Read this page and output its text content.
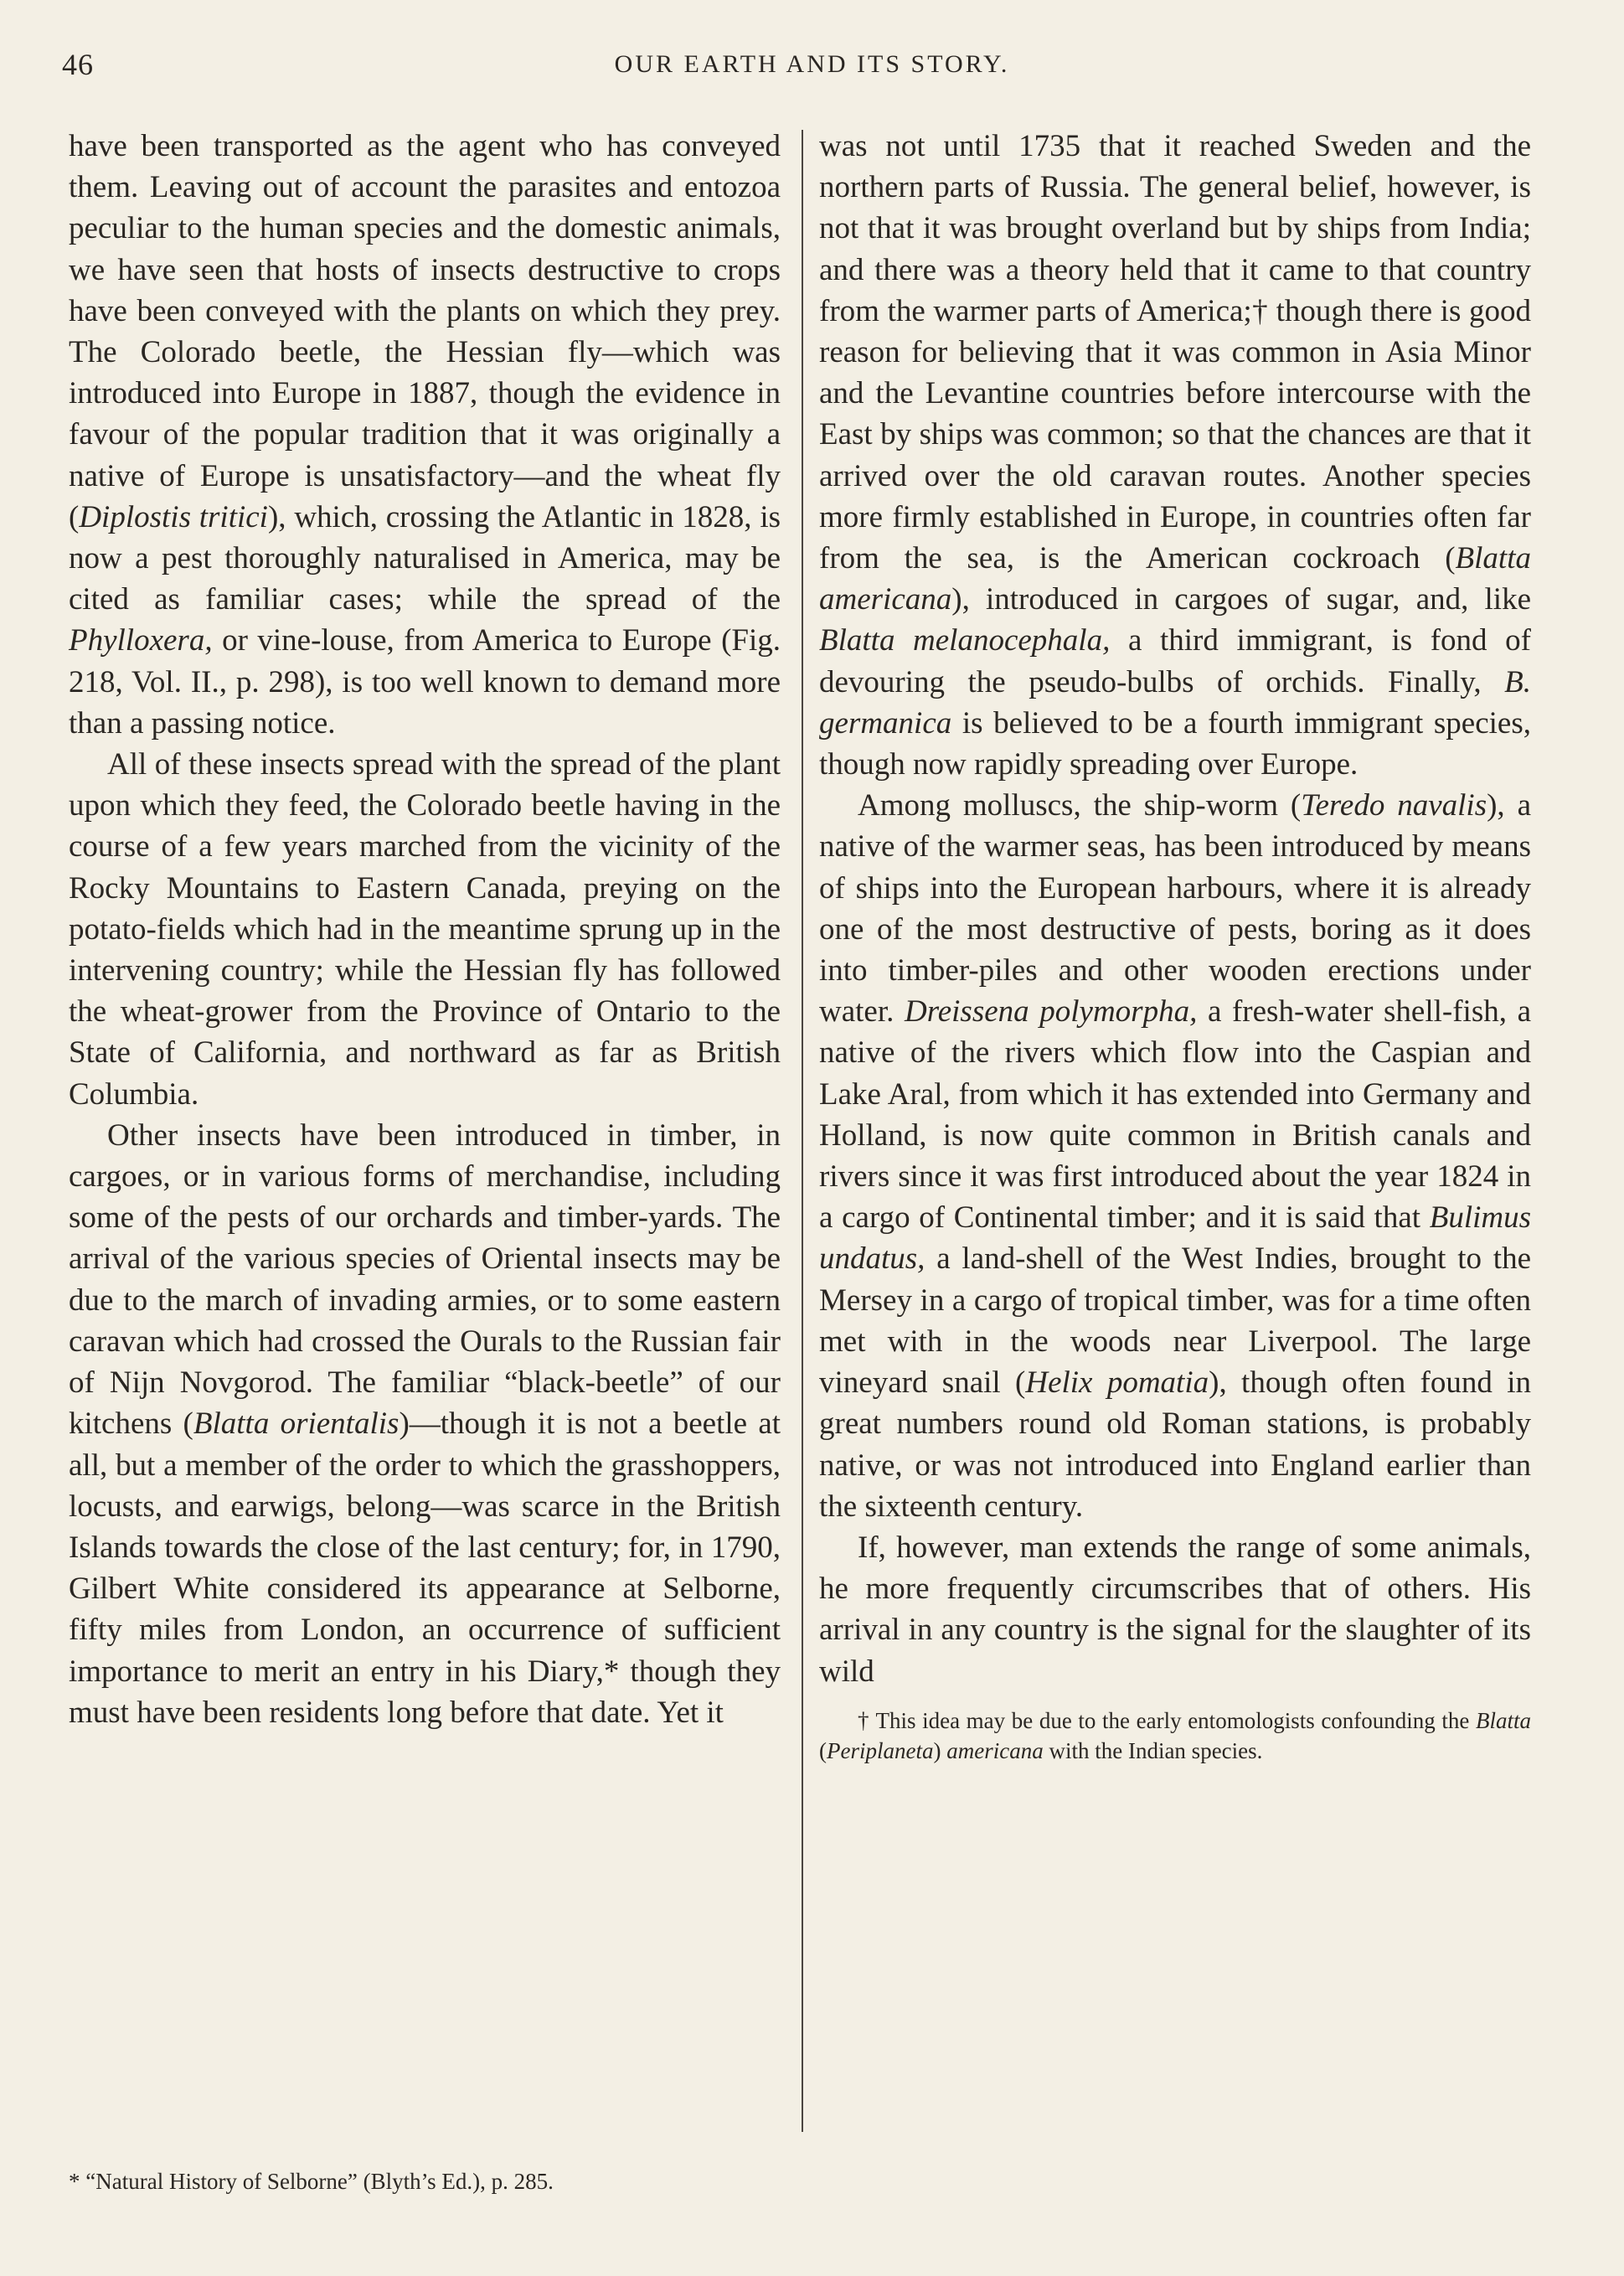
46	OUR EARTH AND ITS STORY.

have been transported as the agent who has conveyed them. Leaving out of account the parasites and entozoa peculiar to the human species and the domestic animals, we have seen that hosts of insects destructive to crops have been conveyed with the plants on which they prey. The Colorado beetle, the Hessian fly—which was introduced into Europe in 1887, though the evidence in favour of the popular tradition that it was originally a native of Europe is unsatisfactory—and the wheat fly (Diplostis tritici), which, crossing the Atlantic in 1828, is now a pest thoroughly naturalised in America, may be cited as familiar cases; while the spread of the Phylloxera, or vine-louse, from America to Europe (Fig. 218, Vol. II., p. 298), is too well known to demand more than a passing notice.

All of these insects spread with the spread of the plant upon which they feed, the Colorado beetle having in the course of a few years marched from the vicinity of the Rocky Mountains to Eastern Canada, preying on the potato-fields which had in the meantime sprung up in the intervening country; while the Hessian fly has followed the wheat-grower from the Province of Ontario to the State of California, and northward as far as British Columbia.

Other insects have been introduced in timber, in cargoes, or in various forms of merchandise, including some of the pests of our orchards and timber-yards. The arrival of the various species of Oriental insects may be due to the march of invading armies, or to some eastern caravan which had crossed the Ourals to the Russian fair of Nijn Novgorod. The familiar “black-beetle” of our kitchens (Blatta orientalis)—though it is not a beetle at all, but a member of the order to which the grasshoppers, locusts, and earwigs, belong—was scarce in the British Islands towards the close of the last century; for, in 1790, Gilbert White considered its appearance at Selborne, fifty miles from London, an occurrence of sufficient importance to merit an entry in his Diary,* though they must have been residents long before that date. Yet it

* “Natural History of Selborne” (Blyth’s Ed.), p. 285.

was not until 1735 that it reached Sweden and the northern parts of Russia. The general belief, however, is not that it was brought overland but by ships from India; and there was a theory held that it came to that country from the warmer parts of America;† though there is good reason for believing that it was common in Asia Minor and the Levantine countries before intercourse with the East by ships was common; so that the chances are that it arrived over the old caravan routes. Another species more firmly established in Europe, in countries often far from the sea, is the American cockroach (Blatta americana), introduced in cargoes of sugar, and, like Blatta melanocephala, a third immigrant, is fond of devouring the pseudo-bulbs of orchids. Finally, B. germanica is believed to be a fourth immigrant species, though now rapidly spreading over Europe.

Among molluscs, the ship-worm (Teredo navalis), a native of the warmer seas, has been introduced by means of ships into the European harbours, where it is already one of the most destructive of pests, boring as it does into timber-piles and other wooden erections under water. Dreissena polymorpha, a fresh-water shell-fish, a native of the rivers which flow into the Caspian and Lake Aral, from which it has extended into Germany and Holland, is now quite common in British canals and rivers since it was first introduced about the year 1824 in a cargo of Continental timber; and it is said that Bulimus undatus, a land-shell of the West Indies, brought to the Mersey in a cargo of tropical timber, was for a time often met with in the woods near Liverpool. The large vineyard snail (Helix pomatia), though often found in great numbers round old Roman stations, is probably native, or was not introduced into England earlier than the sixteenth century.

If, however, man extends the range of some animals, he more frequently circumscribes that of others. His arrival in any country is the signal for the slaughter of its wild

† This idea may be due to the early entomologists confounding the Blatta (Periplaneta) americana with the Indian species.
